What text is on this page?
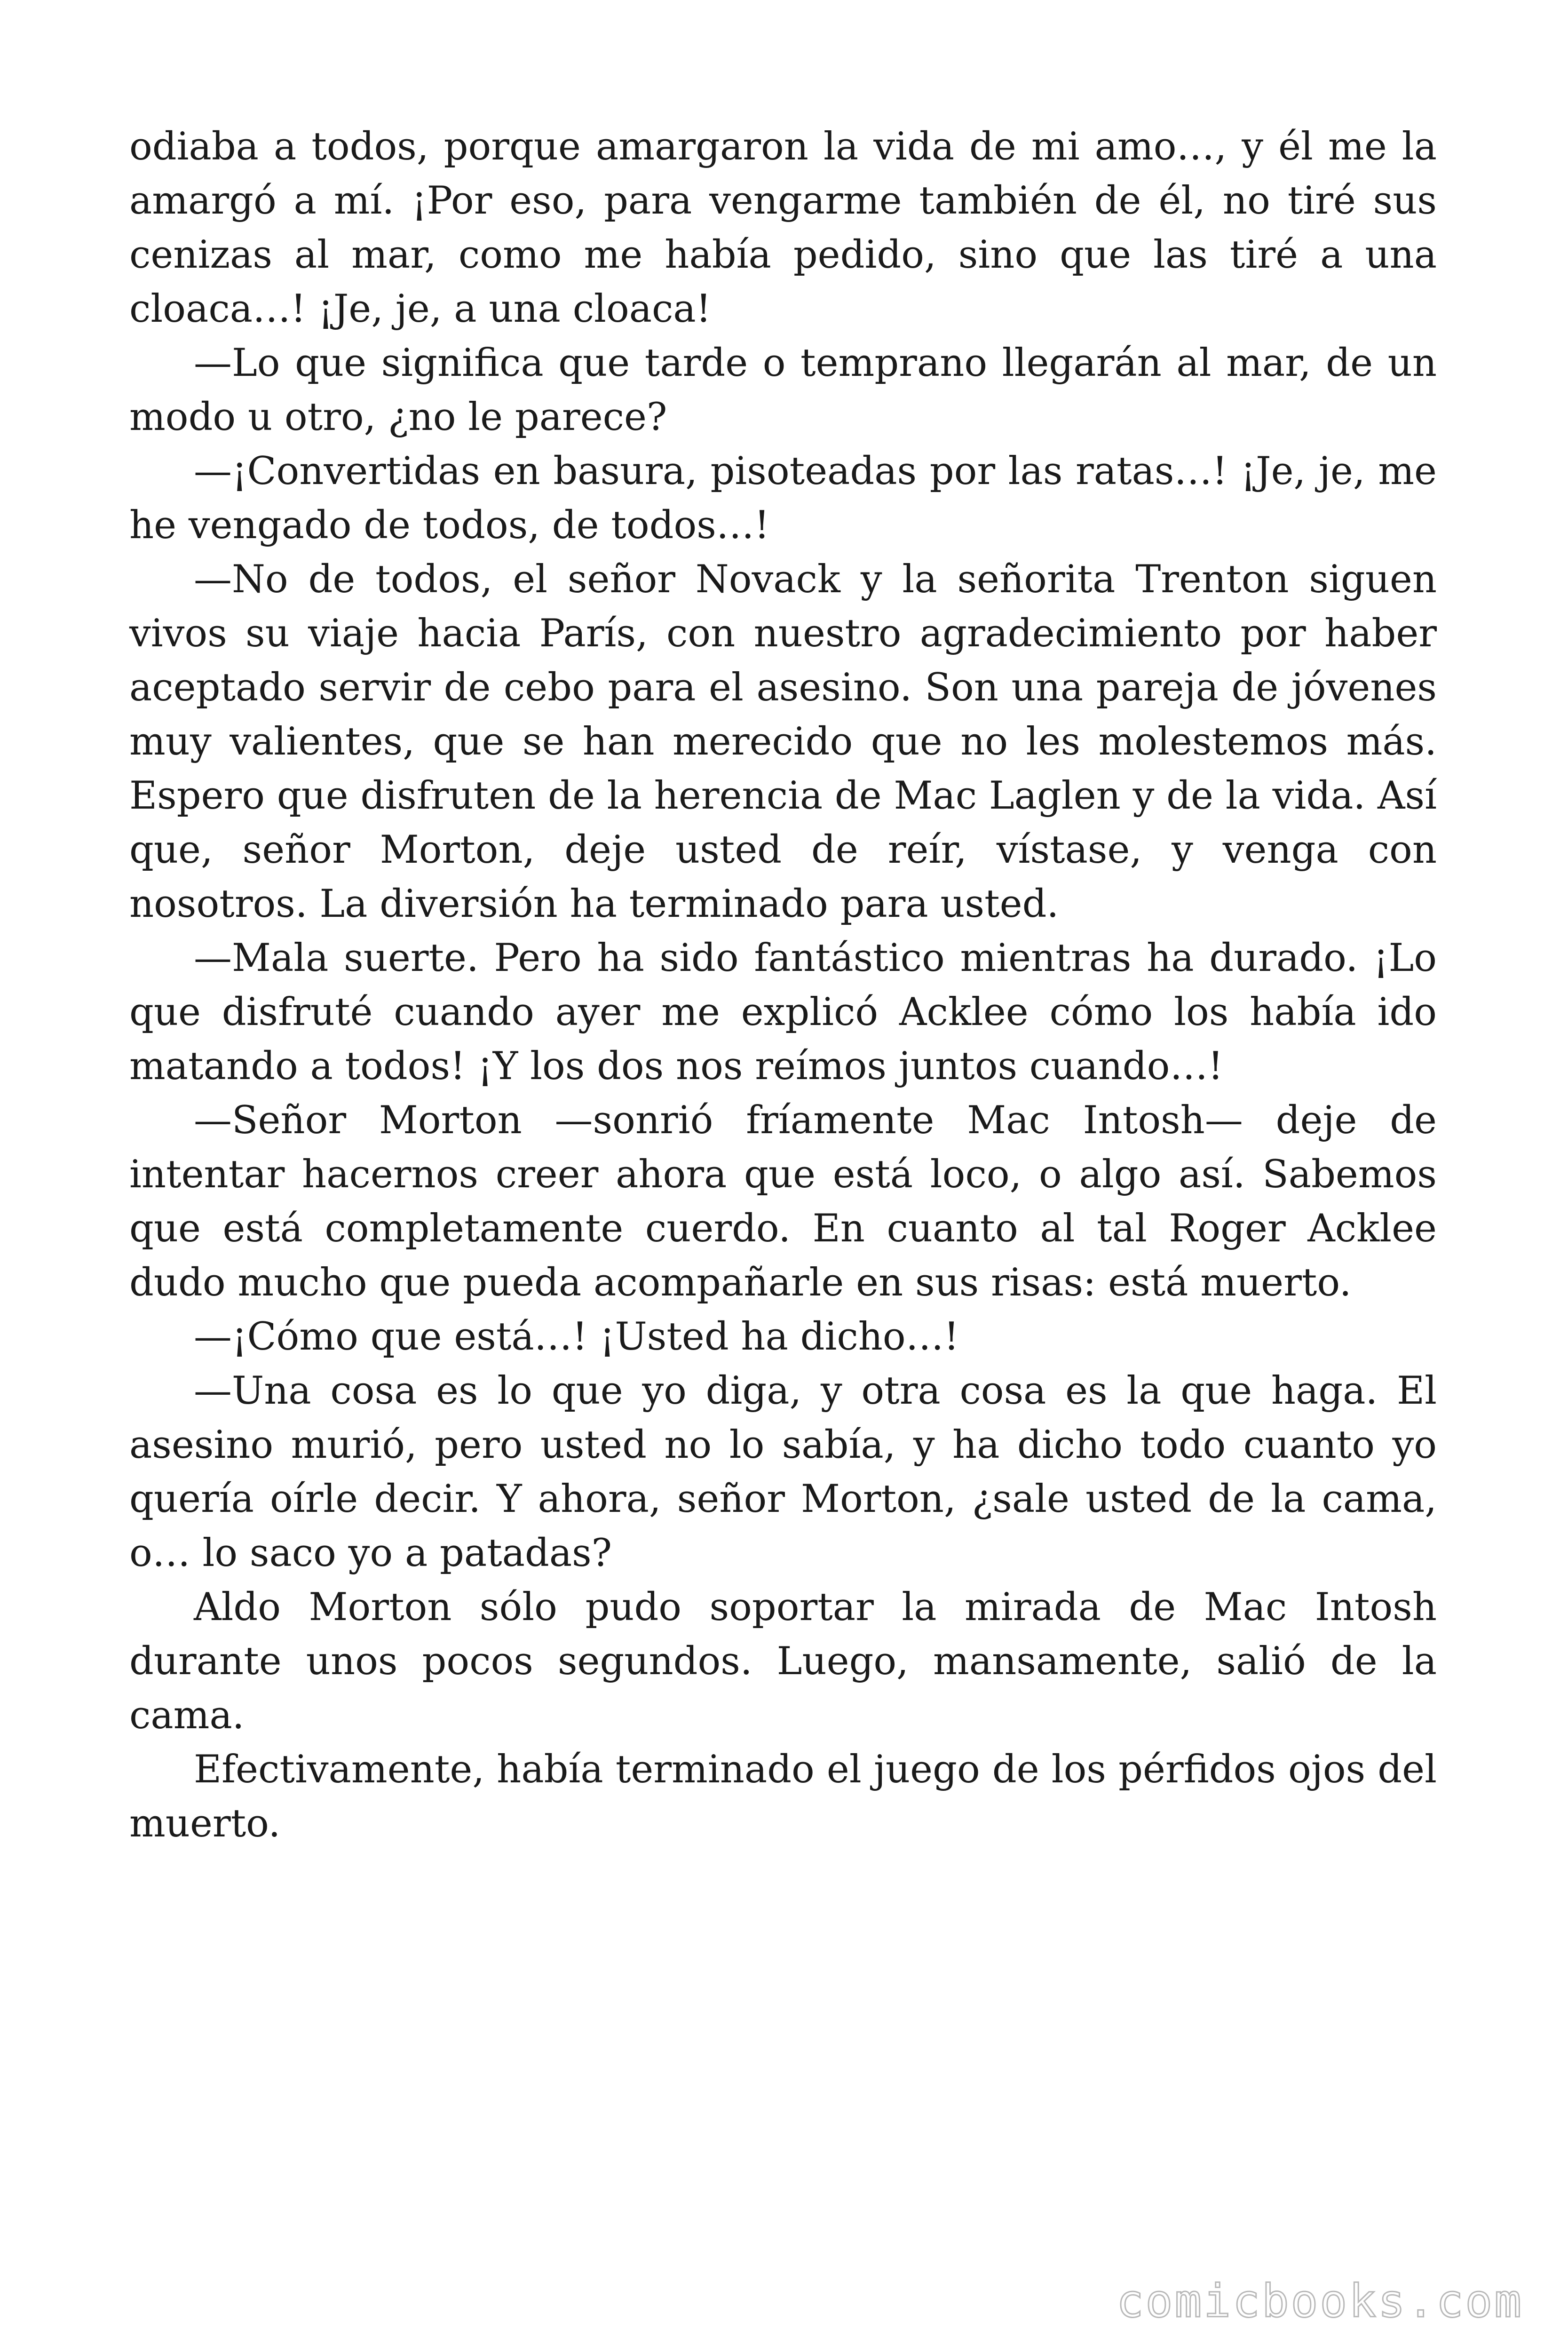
odiaba a todos, porque amargaron la vida de mi amo…, y él me la amargó a mí. ¡Por eso, para vengarme también de él, no tiré sus cenizas al mar, como me había pedido, sino que las tiré a una cloaca…! ¡Je, je, a una cloaca!

—Lo que significa que tarde o temprano llegarán al mar, de un modo u otro, ¿no le parece?

—¡Convertidas en basura, pisoteadas por las ratas…! ¡Je, je, me he vengado de todos, de todos…!

—No de todos, el señor Novack y la señorita Trenton siguen vivos su viaje hacia París, con nuestro agradecimiento por haber aceptado servir de cebo para el asesino. Son una pareja de jóvenes muy valientes, que se han merecido que no les molestemos más. Espero que disfruten de la herencia de Mac Laglen y de la vida. Así que, señor Morton, deje usted de reír, vístase, y venga con nosotros. La diversión ha terminado para usted.

—Mala suerte. Pero ha sido fantástico mientras ha durado. ¡Lo que disfruté cuando ayer me explicó Acklee cómo los había ido matando a todos! ¡Y los dos nos reímos juntos cuando…!

—Señor Morton —sonrió fríamente Mac Intosh— deje de intentar hacernos creer ahora que está loco, o algo así. Sabemos que está completamente cuerdo. En cuanto al tal Roger Acklee dudo mucho que pueda acompañarle en sus risas: está muerto.

—¡Cómo que está…! ¡Usted ha dicho…!

—Una cosa es lo que yo diga, y otra cosa es la que haga. El asesino murió, pero usted no lo sabía, y ha dicho todo cuanto yo quería oírle decir. Y ahora, señor Morton, ¿sale usted de la cama, o… lo saco yo a patadas?

Aldo Morton sólo pudo soportar la mirada de Mac Intosh durante unos pocos segundos. Luego, mansamente, salió de la cama.

Efectivamente, había terminado el juego de los pérfidos ojos del muerto.

comicbooks.com
